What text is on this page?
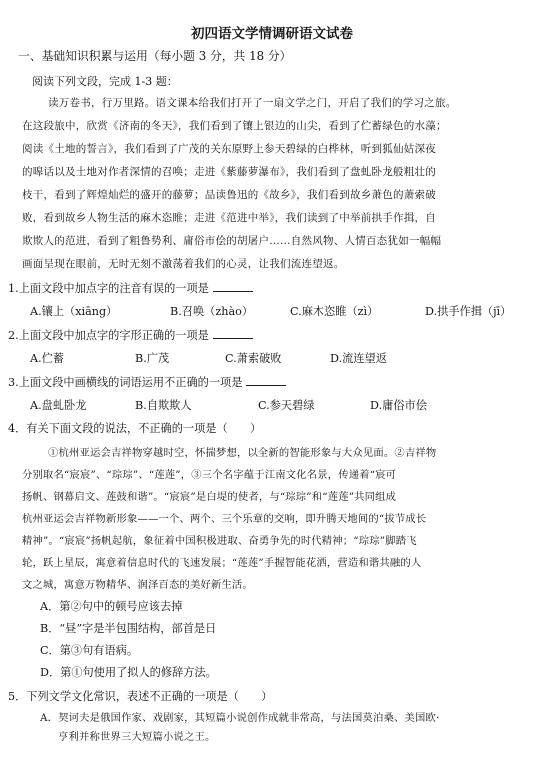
初四语文学情调研语文试卷
一、基础知识积累与运用（每小题 3 分，共 18 分）
阅读下列文段，完成 1-3 题：
读万卷书，行万里路。语文课本给我们打开了一扇文学之门，开启了我们的学习之旅。
在这段旅中，欣赏《济南的冬天》，我们看到了镶上银边的山尖，看到了伫蓄绿色的水藻；
阅读《土地的誓言》，我们看到了广茂的关东原野上参天碧绿的白桦林，听到狐仙姑深夜
的嗥话以及土地对作者深情的召唤；走进《紫藤萝瀑布》，我们看到了盘虬卧龙般粗壮的
枝干，看到了辉煌灿烂的盛开的藤萝；品读鲁迅的《故乡》，我们看到故乡萧色的萧索破
败，看到故乡人物生活的麻木恣睢；走进《范进中举》，我们读到了中举前拱手作揖，自
欺欺人的范进，看到了粗鲁势利、庸俗市侩的胡屠户……自然风物、人情百态犹如一幅幅
画面呈现在眼前，无时无刻不激荡着我们的心灵，让我们流连望返。
1.上面文段中加点字的注音有误的一项是
A.镶上（xiāng）	B.召唤（zhào）	C.麻木恣睢（zì）	D.拱手作揖（jī）
2.上面文段中加点字的字形正确的一项是
A.伫蓄	B.广茂	C.萧索破败	D.流连望返
3.上面文段中画横线的词语运用不正确的一项是
A.盘虬卧龙	B.自欺欺人	C.参天碧绿	D.庸俗市侩
4．有关下面文段的说法，不正确的一项是（　　）
①杭州亚运会吉祥物穿越时空，怀揣梦想，以全新的智能形象与大众见面。②吉祥物
分别取名“宸宸”、“琮琮”、“莲莲”，③三个名字蕴于江南文化名景，传递着“宸可
扬帆、钢幕启文、莲鼓和谐”。“宸宸”是白堤的使者，与“琮琮”和“莲莲”共同组成
杭州亚运会吉祥物新形象——一个、两个、三个乐章的交响，即升腾天地间的“拔节成长
精神”。“宸宸”扬帆起航，象征着中国积极进取、奋勇争先的时代精神；“琮琮”脚踏飞
轮，跃上星辰，寓意着信息时代的飞速发展；“莲莲”手握智能花洒，营造和谐共融的人
文之城，寓意万物精华、润泽百态的美好新生活。
A．第②句中的顿号应该去掉
B．“昼”字是半包围结构，部首是日
C．第③句有语病。
D．第①句使用了拟人的修辞方法。
5．下列文学文化常识，表述不正确的一项是（　　）
A．契诃夫是俄国作家、戏剧家，其短篇小说创作成就非常高，与法国莫泊桑、美国欧·
亨利并称世界三大短篇小说之王。
